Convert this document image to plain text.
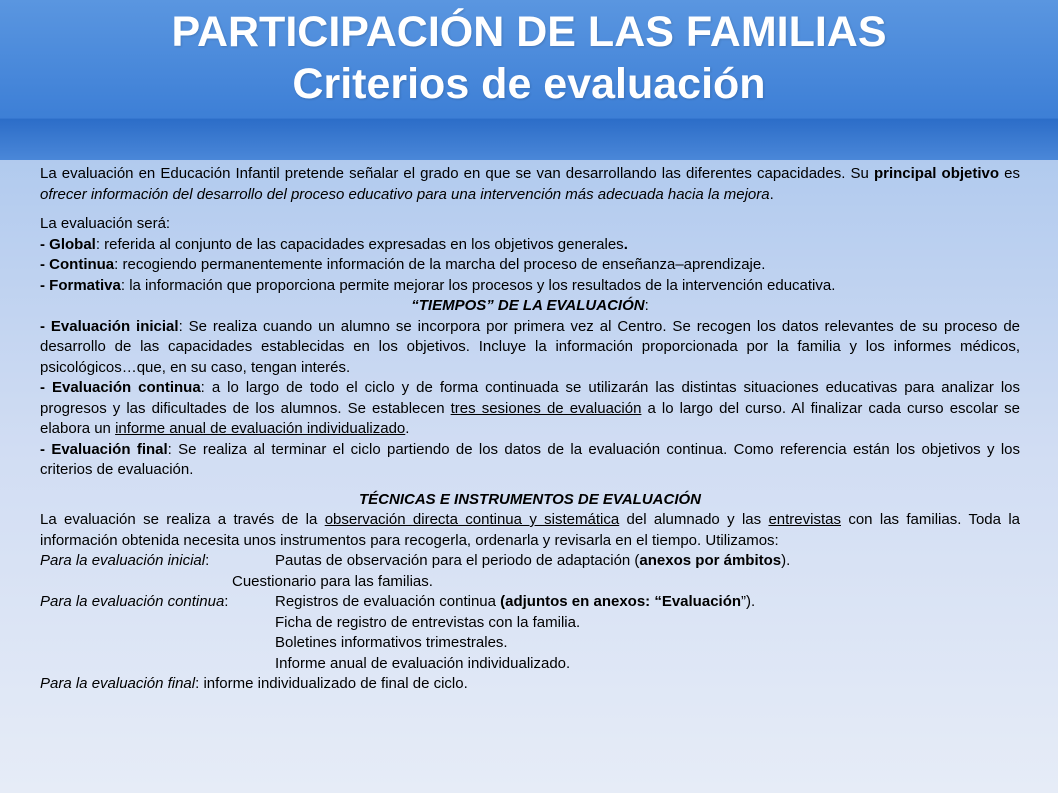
PARTICIPACIÓN DE LAS FAMILIAS
Criterios de evaluación

La evaluación en Educación Infantil pretende señalar el grado en que se van desarrollando las diferentes capacidades. Su principal objetivo es ofrecer información del desarrollo del proceso educativo para una intervención más adecuada hacia la mejora.

La evaluación será:

- Global: referida al conjunto de las capacidades expresadas en los objetivos generales.

- Continua: recogiendo permanentemente información de la marcha del proceso de enseñanza–aprendizaje.

- Formativa: la información que proporciona permite mejorar los procesos y los resultados de la intervención educativa.

“TIEMPOS” DE LA EVALUACIÓN:

- Evaluación inicial: Se realiza cuando un alumno se incorpora por primera vez al Centro. Se recogen los datos relevantes de su proceso de desarrollo de las capacidades establecidas en los objetivos. Incluye la información proporcionada por la familia y los informes médicos, psicológicos…que, en su caso, tengan interés.

- Evaluación continua: a lo largo de todo el ciclo y de forma continuada se utilizarán las distintas situaciones educativas para analizar los progresos y las dificultades de los alumnos. Se establecen tres sesiones de evaluación a lo largo del curso. Al finalizar cada curso escolar se elabora un informe anual de evaluación individualizado.

- Evaluación final: Se realiza al terminar el ciclo partiendo de los datos de la evaluación continua. Como referencia están los objetivos y los criterios de evaluación.

TÉCNICAS E INSTRUMENTOS DE EVALUACIÓN

La evaluación se realiza a través de la observación directa continua y sistemática del alumnado y las entrevistas con las familias. Toda la información obtenida necesita unos instrumentos para recogerla, ordenarla y revisarla en el tiempo. Utilizamos:

Para la evaluación inicial:	Pautas de observación para el periodo de adaptación (anexos por ámbitos).

Cuestionario para las familias.

Para la evaluación continua:	Registros de evaluación continua (adjuntos en anexos: “Evaluación”).

Ficha de registro de entrevistas con la familia.

Boletines informativos trimestrales.

Informe anual de evaluación individualizado.

Para la evaluación final: informe individualizado de final de ciclo.
